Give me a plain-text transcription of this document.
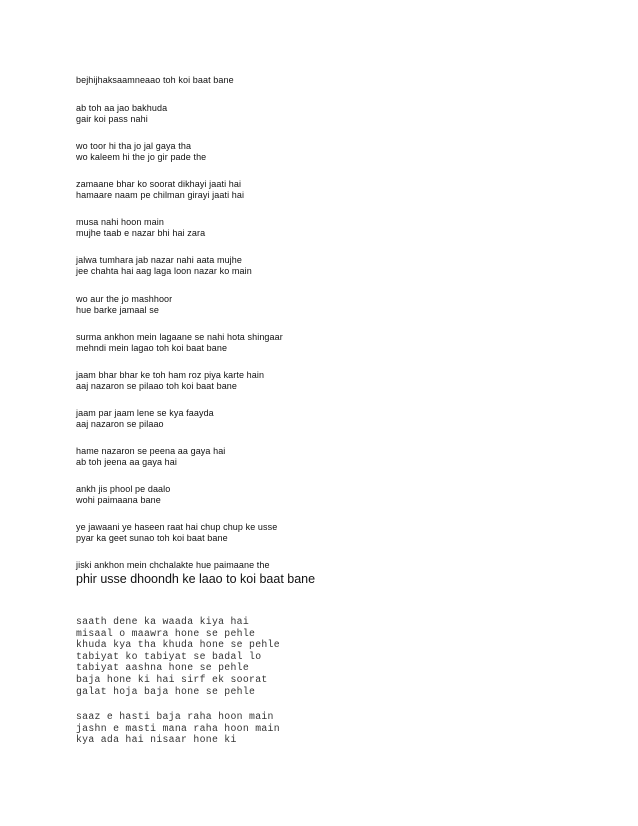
bejhijhaksaamneaao toh koi baat bane
ab toh aa jao bakhuda
gair koi pass nahi
wo toor hi tha jo jal gaya tha
wo kaleem hi the jo gir pade the
zamaane bhar ko soorat dikhayi jaati hai
hamaare naam pe chilman girayi jaati hai
musa nahi hoon main
mujhe taab e nazar bhi hai zara
jalwa tumhara jab nazar nahi aata mujhe
jee chahta hai aag laga loon nazar ko main
wo aur the jo mashhoor
hue barke jamaal se
surma ankhon mein lagaane se nahi hota shingaar
mehndi mein lagao toh koi baat bane
jaam bhar bhar ke toh ham roz piya karte hain
aaj nazaron se pilaao toh koi baat bane
jaam par jaam lene se kya faayda
aaj nazaron se pilaao
hame nazaron se peena aa gaya hai
ab toh jeena aa gaya hai
ankh jis phool pe daalo
wohi paimaana bane
ye jawaani ye haseen raat hai chup chup ke usse
pyar ka geet sunao toh koi baat bane
jiski ankhon mein chchalakte hue paimaane the
phir usse dhoondh ke laao to koi baat bane
saath dene ka waada kiya hai
misaal o maawra hone se pehle
khuda kya tha khuda hone se pehle
tabiyat ko tabiyat se badal lo
tabiyat aashna hone se pehle
baja hone ki hai sirf ek soorat
galat hoja baja hone se pehle
saaz e hasti baja raha hoon main
jashn e masti mana raha hoon main
kya ada hai nisaar hone ki
